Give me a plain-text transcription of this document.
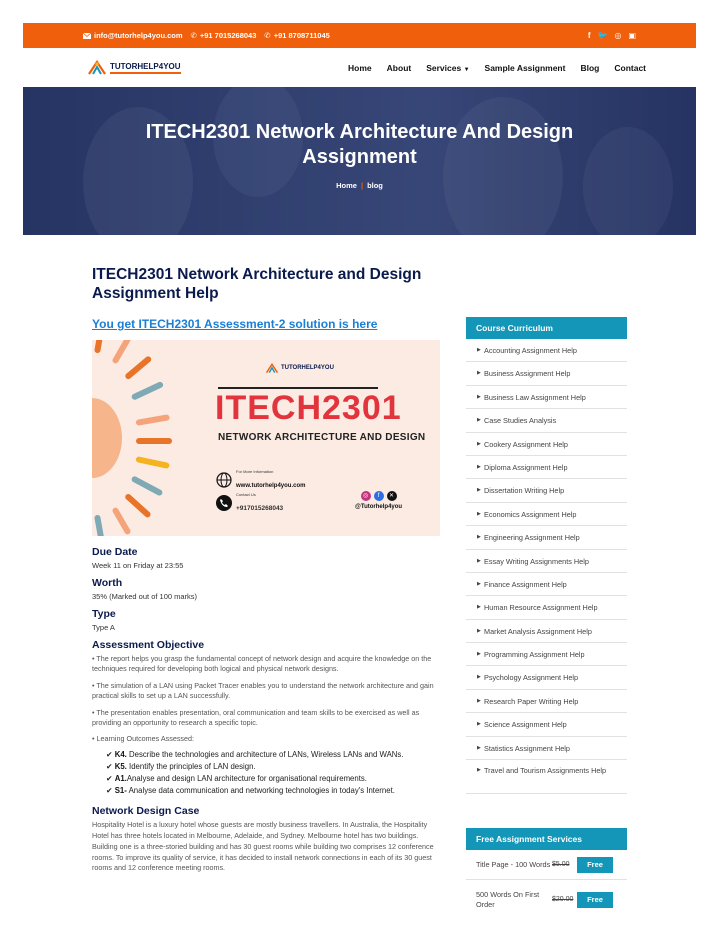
info@tutorhelp4you.com ✆ +91 7015268043 ✆ +91 8708711045	f 🐦 ◎ ▣
TUTORHELP4YOU	Home About Services ▼ Sample Assignment Blog Contact
ITECH2301 Network Architecture And Design Assignment
Home | blog
ITECH2301 Network Architecture and Design Assignment Help
You get ITECH2301 Assessment-2 solution is here
TUTORHELP4YOU
ITECH2301
NETWORK ARCHITECTURE AND DESIGN
For More Information
www.tutorhelp4you.com
Contact Us
+917015268043
◎	f	✕
@Tutorhelp4you
Due Date
Week 11 on Friday at 23:55
Worth
35% (Marked out of 100 marks)
Type
Type A
Assessment Objective

• The report helps you grasp the fundamental concept of network design and acquire the knowledge on the techniques required for developing both logical and physical network designs.

• The simulation of a LAN using Packet Tracer enables you to understand the network architecture and gain practical skills to set up a LAN successfully.

• The presentation enables presentation, oral communication and team skills to be exercised as well as providing an opportunity to research a specific topic.

• Learning Outcomes Assessed:

✔ K4. Describe the technologies and architecture of LANs, Wireless LANs and WANs.
✔ K5. Identify the principles of LAN design.
✔ A1.Analyse and design LAN architecture for organisational requirements.
✔ S1- Analyse data communication and networking technologies in today's Internet.
Network Design Case

Hospitality Hotel is a luxury hotel whose guests are mostly business travellers. In Australia, the Hospitality Hotel has three hotels located in Melbourne, Adelaide, and Sydney. Melbourne hotel has two buildings. Building one is a three-storied building and has 30 guest rooms while building two comprises 12 conference rooms. To improve its quality of service, it has decided to install network connections in each of its 30 guest rooms and 12 conference meeting rooms.

Course Curriculum
▶ Accounting Assignment Help
▶ Business Assignment Help
▶ Business Law Assignment Help
▶ Case Studies Analysis
▶ Cookery Assignment Help
▶ Diploma Assignment Help
▶ Dissertation Writing Help
▶ Economics Assignment Help
▶ Engineering Assignment Help
▶ Essay Writing Assignments Help
▶ Finance Assignment Help
▶ Human Resource Assignment Help
▶ Market Analysis Assignment Help
▶ Programming Assignment Help
▶ Psychology Assignment Help
▶ Research Paper Writing Help
▶ Science Assignment Help
▶ Statistics Assignment Help
▶ Travel and Tourism Assignments Help
Free Assignment Services
Title Page - 100 Words $5.00	Free
500 Words On First Order	$20.00	Free
